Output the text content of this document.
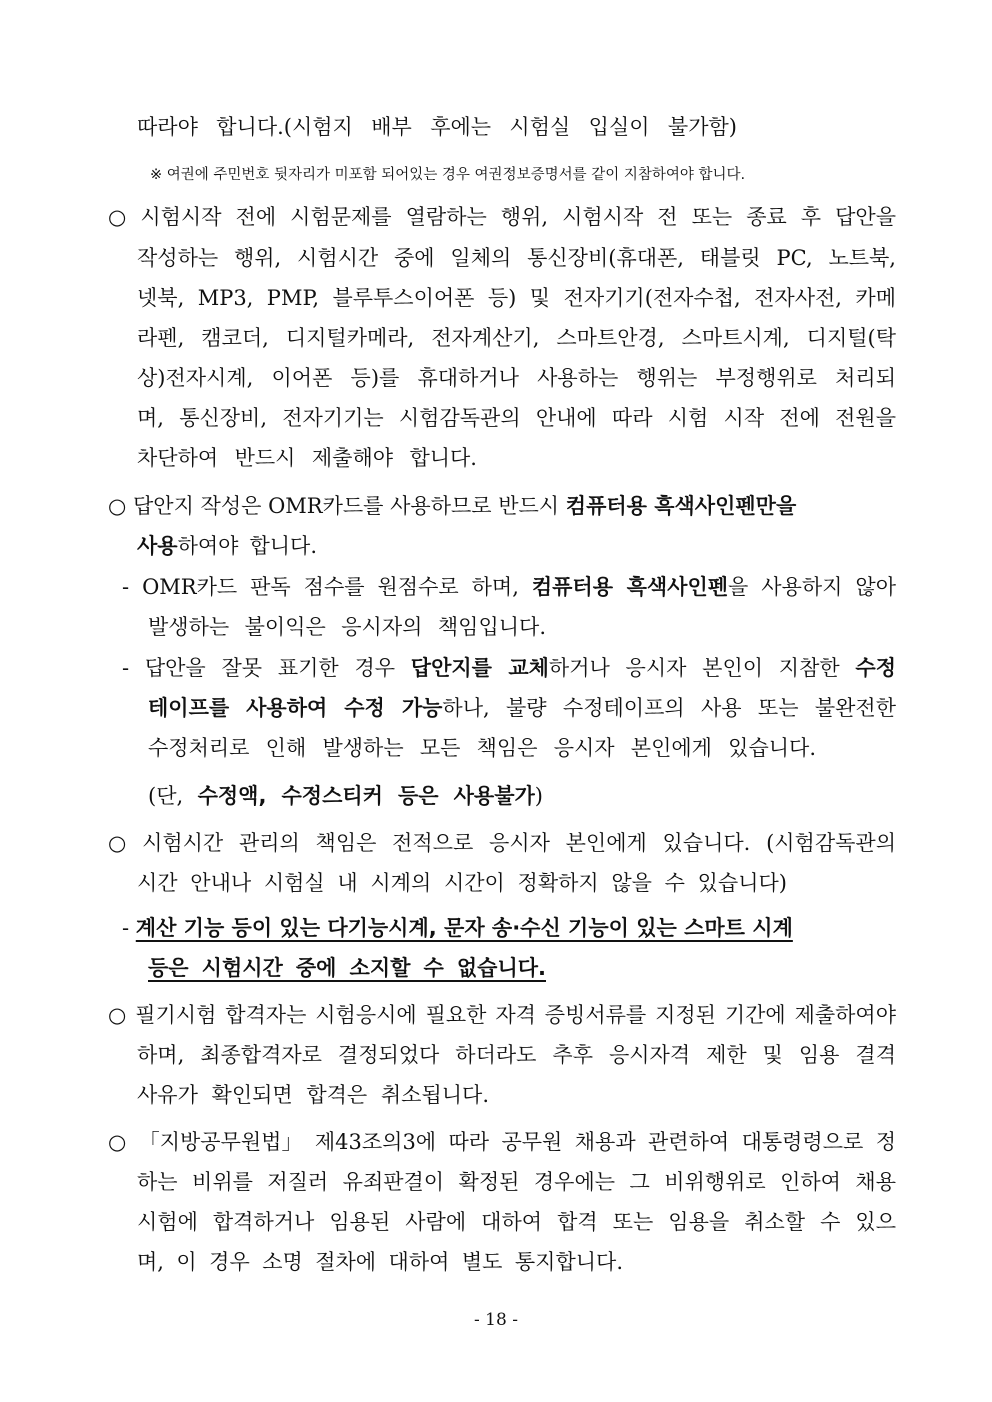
따라야 합니다.(시험지 배부 후에는 시험실 입실이 불가함)
※ 여권에 주민번호 뒷자리가 미포함 되어있는 경우 여권정보증명서를 같이 지참하여야 합니다.
○ 시험시작 전에 시험문제를 열람하는 행위, 시험시작 전 또는 종료 후 답안을
작성하는 행위, 시험시간 중에 일체의 통신장비(휴대폰, 태블릿 PC, 노트북,
넷북, MP3, PMP, 블루투스이어폰 등) 및 전자기기(전자수첩, 전자사전, 카메
라펜, 캠코더, 디지털카메라, 전자계산기, 스마트안경, 스마트시계, 디지털(탁
상)전자시계, 이어폰 등)를 휴대하거나 사용하는 행위는 부정행위로 처리되
며, 통신장비, 전자기기는 시험감독관의 안내에 따라 시험 시작 전에 전원을
차단하여 반드시 제출해야 합니다.
○ 답안지 작성은 OMR카드를 사용하므로 반드시 컴퓨터용 흑색사인펜만을
사용하여야 합니다.
- OMR카드 판독 점수를 원점수로 하며, 컴퓨터용 흑색사인펜을 사용하지 않아
발생하는 불이익은 응시자의 책임입니다.
- 답안을 잘못 표기한 경우 답안지를 교체하거나 응시자 본인이 지참한 수정
테이프를 사용하여 수정 가능하나, 불량 수정테이프의 사용 또는 불완전한
수정처리로 인해 발생하는 모든 책임은 응시자 본인에게 있습니다.
(단, 수정액, 수정스티커 등은 사용불가)
○ 시험시간 관리의 책임은 전적으로 응시자 본인에게 있습니다. (시험감독관의
시간 안내나 시험실 내 시계의 시간이 정확하지 않을 수 있습니다)
- 계산 기능 등이 있는 다기능시계, 문자 송·수신 기능이 있는 스마트 시계
등은 시험시간 중에 소지할 수 없습니다.
○ 필기시험 합격자는 시험응시에 필요한 자격 증빙서류를 지정된 기간에 제출하여야
하며, 최종합격자로 결정되었다 하더라도 추후 응시자격 제한 및 임용 결격
사유가 확인되면 합격은 취소됩니다.
○ 「지방공무원법」 제43조의3에 따라 공무원 채용과 관련하여 대통령령으로 정
하는 비위를 저질러 유죄판결이 확정된 경우에는 그 비위행위로 인하여 채용
시험에 합격하거나 임용된 사람에 대하여 합격 또는 임용을 취소할 수 있으
며, 이 경우 소명 절차에 대하여 별도 통지합니다.
- 18 -
